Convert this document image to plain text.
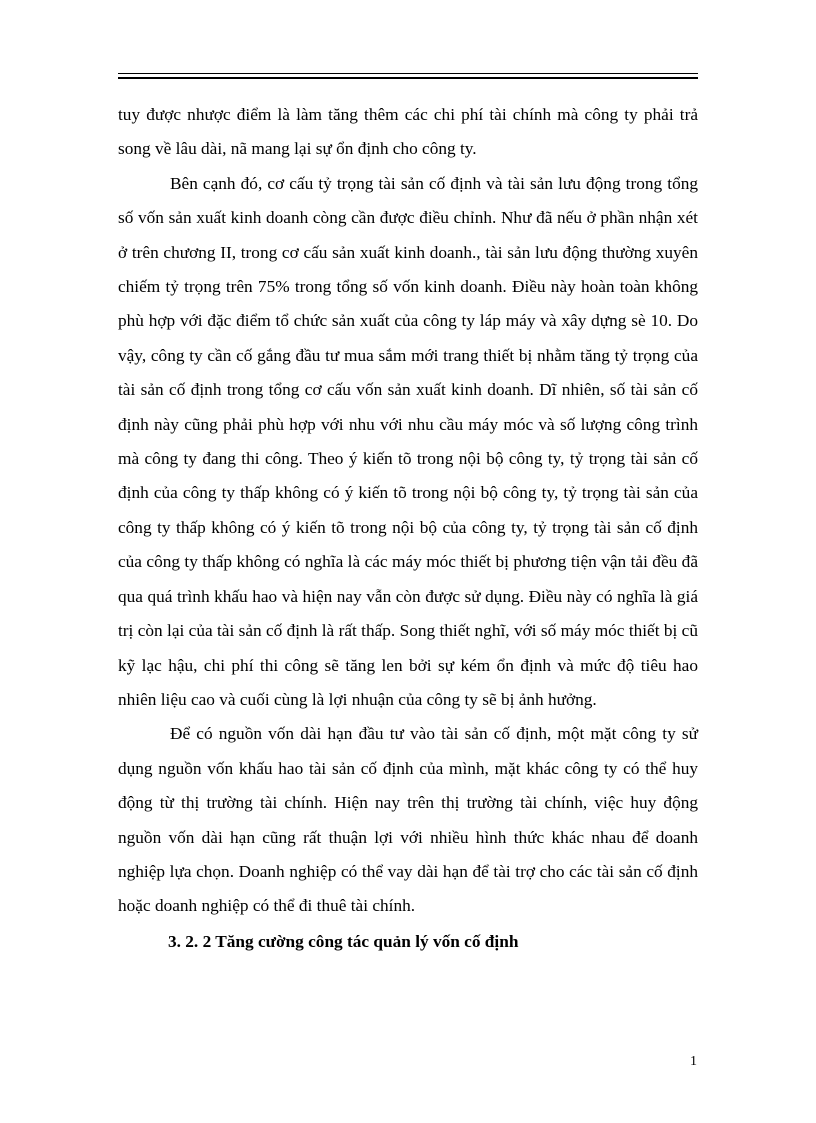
tuy được nhược điểm là làm tăng thêm các chi phí tài chính mà công ty phải trả song về lâu dài, nã mang lại sự ổn định cho công ty.

Bên cạnh đó, cơ cấu tỷ trọng tài sản cố định và tài sản lưu động trong tổng số vốn sản xuất kinh doanh còng cần được điều chỉnh. Như đã nếu ở phần nhận xét ở trên chương II, trong cơ cấu sản xuất kinh doanh., tài sản lưu động thường xuyên chiếm tỷ trọng trên 75% trong tổng số vốn kinh doanh. Điều này hoàn toàn không phù hợp với đặc điểm tổ chức sản xuất của công ty láp máy và xây dựng sè 10. Do vậy, công ty cần cố gắng đầu tư mua sắm mới trang thiết bị nhằm tăng tỷ trọng của tài sản cố định trong tổng cơ cấu vốn sản xuất kinh doanh. Dĩ nhiên, số tài sản cố định này cũng phải phù hợp với nhu với nhu cầu máy móc và số lượng công trình mà công ty đang thi công. Theo ý kiến tõ trong nội bộ công ty, tỷ trọng tài sản cố định của công ty thấp không có ý kiến tõ trong nội bộ công ty, tỷ trọng tài sản của công ty thấp không có ý kiến tõ trong nội bộ của công ty, tỷ trọng tài sản cố định của công ty thấp không có nghĩa là các máy móc thiết bị phương tiện vận tải đều đã qua quá trình khấu hao và hiện nay vẫn còn được sử dụng. Điều này có nghĩa là giá trị còn lại của tài sản cố định là rất thấp. Song thiết nghĩ, với số máy móc thiết bị cũ kỹ lạc hậu, chi phí thi công sẽ tăng len bởi sự kém ổn định và mức độ tiêu hao nhiên liệu cao và cuối cùng là lợi nhuận của công ty sẽ bị ảnh hưởng.

Để có nguồn vốn dài hạn đầu tư vào tài sản cố định, một mặt công ty sử dụng nguồn vốn khấu hao tài sản cố định của mình, mặt khác công ty có thể huy động từ thị trường tài chính. Hiện nay trên thị trường tài chính, việc huy động nguồn vốn dài hạn cũng rất thuận lợi với nhiều hình thức khác nhau để doanh nghiệp lựa chọn. Doanh nghiệp có thể vay dài hạn để tài trợ cho các tài sản cố định hoặc doanh nghiệp có thể đi thuê tài chính.

3. 2. 2 Tăng cường công tác quản lý vốn cố định

1
